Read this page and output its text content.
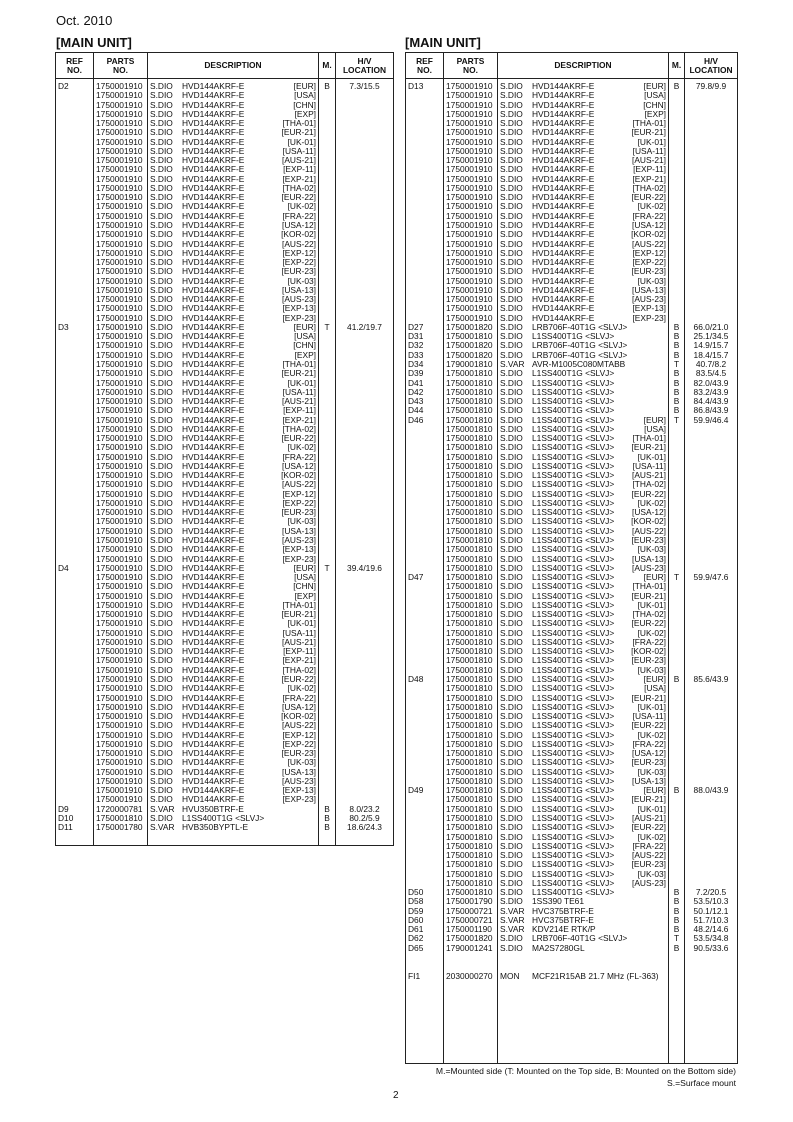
Oct. 2010
[MAIN UNIT]	[MAIN UNIT]
REF
NO.	PARTS
NO.	DESCRIPTION	M.	H/V
LOCATION
D2	1750001910	S.DIO HVD144AKRF-E [EUR]	B	7.3/15.5
	1750001910	S.DIO HVD144AKRF-E [USA]		

	1750001910	S.DIO HVD144AKRF-E [CHN]		

	1750001910	S.DIO HVD144AKRF-E [EXP]		

	1750001910	S.DIO HVD144AKRF-E [THA-01]		

	1750001910	S.DIO HVD144AKRF-E [EUR-21]		

	1750001910	S.DIO HVD144AKRF-E [UK-01]		

	1750001910	S.DIO HVD144AKRF-E [USA-11]		

	1750001910	S.DIO HVD144AKRF-E [AUS-21]		

	1750001910	S.DIO HVD144AKRF-E [EXP-11]		

	1750001910	S.DIO HVD144AKRF-E [EXP-21]		

	1750001910	S.DIO HVD144AKRF-E [THA-02]		

	1750001910	S.DIO HVD144AKRF-E [EUR-22]		

	1750001910	S.DIO HVD144AKRF-E [UK-02]		

	1750001910	S.DIO HVD144AKRF-E [FRA-22]		

	1750001910	S.DIO HVD144AKRF-E [USA-12]		

	1750001910	S.DIO HVD144AKRF-E [KOR-02]		

	1750001910	S.DIO HVD144AKRF-E [AUS-22]		

	1750001910	S.DIO HVD144AKRF-E [EXP-12]		

	1750001910	S.DIO HVD144AKRF-E [EXP-22]		

	1750001910	S.DIO HVD144AKRF-E [EUR-23]		

	1750001910	S.DIO HVD144AKRF-E [UK-03]		

	1750001910	S.DIO HVD144AKRF-E [USA-13]		

	1750001910	S.DIO HVD144AKRF-E [AUS-23]		

	1750001910	S.DIO HVD144AKRF-E [EXP-13]		

	1750001910	S.DIO HVD144AKRF-E [EXP-23]		

D3	1750001910	S.DIO HVD144AKRF-E [EUR]	T	41.2/19.7
	1750001910	S.DIO HVD144AKRF-E [USA]		

	1750001910	S.DIO HVD144AKRF-E [CHN]		

	1750001910	S.DIO HVD144AKRF-E [EXP]		

	1750001910	S.DIO HVD144AKRF-E [THA-01]		

	1750001910	S.DIO HVD144AKRF-E [EUR-21]		

	1750001910	S.DIO HVD144AKRF-E [UK-01]		

	1750001910	S.DIO HVD144AKRF-E [USA-11]		

	1750001910	S.DIO HVD144AKRF-E [AUS-21]		

	1750001910	S.DIO HVD144AKRF-E [EXP-11]		

	1750001910	S.DIO HVD144AKRF-E [EXP-21]		

	1750001910	S.DIO HVD144AKRF-E [THA-02]		

	1750001910	S.DIO HVD144AKRF-E [EUR-22]		

	1750001910	S.DIO HVD144AKRF-E [UK-02]		

	1750001910	S.DIO HVD144AKRF-E [FRA-22]		

	1750001910	S.DIO HVD144AKRF-E [USA-12]		

	1750001910	S.DIO HVD144AKRF-E [KOR-02]		

	1750001910	S.DIO HVD144AKRF-E [AUS-22]		

	1750001910	S.DIO HVD144AKRF-E [EXP-12]		

	1750001910	S.DIO HVD144AKRF-E [EXP-22]		

	1750001910	S.DIO HVD144AKRF-E [EUR-23]		

	1750001910	S.DIO HVD144AKRF-E [UK-03]		

	1750001910	S.DIO HVD144AKRF-E [USA-13]		

	1750001910	S.DIO HVD144AKRF-E [AUS-23]		

	1750001910	S.DIO HVD144AKRF-E [EXP-13]		

	1750001910	S.DIO HVD144AKRF-E [EXP-23]		

D4	1750001910	S.DIO HVD144AKRF-E [EUR]	T	39.4/19.6
	1750001910	S.DIO HVD144AKRF-E [USA]		

	1750001910	S.DIO HVD144AKRF-E [CHN]		

	1750001910	S.DIO HVD144AKRF-E [EXP]		

	1750001910	S.DIO HVD144AKRF-E [THA-01]		

	1750001910	S.DIO HVD144AKRF-E [EUR-21]		

	1750001910	S.DIO HVD144AKRF-E [UK-01]		

	1750001910	S.DIO HVD144AKRF-E [USA-11]		

	1750001910	S.DIO HVD144AKRF-E [AUS-21]		

	1750001910	S.DIO HVD144AKRF-E [EXP-11]		

	1750001910	S.DIO HVD144AKRF-E [EXP-21]		

	1750001910	S.DIO HVD144AKRF-E [THA-02]		

	1750001910	S.DIO HVD144AKRF-E [EUR-22]		

	1750001910	S.DIO HVD144AKRF-E [UK-02]		

	1750001910	S.DIO HVD144AKRF-E [FRA-22]		

	1750001910	S.DIO HVD144AKRF-E [USA-12]		

	1750001910	S.DIO HVD144AKRF-E [KOR-02]		

	1750001910	S.DIO HVD144AKRF-E [AUS-22]		

	1750001910	S.DIO HVD144AKRF-E [EXP-12]		

	1750001910	S.DIO HVD144AKRF-E [EXP-22]		

	1750001910	S.DIO HVD144AKRF-E [EUR-23]		

	1750001910	S.DIO HVD144AKRF-E [UK-03]		

	1750001910	S.DIO HVD144AKRF-E [USA-13]		

	1750001910	S.DIO HVD144AKRF-E [AUS-23]		

	1750001910	S.DIO HVD144AKRF-E [EXP-13]		

	1750001910	S.DIO HVD144AKRF-E [EXP-23]		

D9	1720000781	S.VAR HVU350BTRF-E	B	8.0/23.2
D10	1750001810	S.DIO L1SS400T1G <SLVJ>	B	80.2/5.9
D11	1750001780	S.VAR HVB350BYPTL-E	B	18.6/24.3

REF
NO.	PARTS
NO.	DESCRIPTION	M.	H/V
LOCATION
D13	1750001910	S.DIO HVD144AKRF-E [EUR]	B	79.8/9.9
	1750001910	S.DIO HVD144AKRF-E [USA]		

	1750001910	S.DIO HVD144AKRF-E [CHN]		

	1750001910	S.DIO HVD144AKRF-E [EXP]		

	1750001910	S.DIO HVD144AKRF-E [THA-01]		

	1750001910	S.DIO HVD144AKRF-E [EUR-21]		

	1750001910	S.DIO HVD144AKRF-E [UK-01]		

	1750001910	S.DIO HVD144AKRF-E [USA-11]		

	1750001910	S.DIO HVD144AKRF-E [AUS-21]		

	1750001910	S.DIO HVD144AKRF-E [EXP-11]		

	1750001910	S.DIO HVD144AKRF-E [EXP-21]		

	1750001910	S.DIO HVD144AKRF-E [THA-02]		

	1750001910	S.DIO HVD144AKRF-E [EUR-22]		

	1750001910	S.DIO HVD144AKRF-E [UK-02]		

	1750001910	S.DIO HVD144AKRF-E [FRA-22]		

	1750001910	S.DIO HVD144AKRF-E [USA-12]		

	1750001910	S.DIO HVD144AKRF-E [KOR-02]		

	1750001910	S.DIO HVD144AKRF-E [AUS-22]		

	1750001910	S.DIO HVD144AKRF-E [EXP-12]		

	1750001910	S.DIO HVD144AKRF-E [EXP-22]		

	1750001910	S.DIO HVD144AKRF-E [EUR-23]		

	1750001910	S.DIO HVD144AKRF-E [UK-03]		

	1750001910	S.DIO HVD144AKRF-E [USA-13]		

	1750001910	S.DIO HVD144AKRF-E [AUS-23]		

	1750001910	S.DIO HVD144AKRF-E [EXP-13]		

	1750001910	S.DIO HVD144AKRF-E [EXP-23]		

D27	1750001820	S.DIO LRB706F-40T1G <SLVJ>	B	66.0/21.0
D31	1750001810	S.DIO L1SS400T1G <SLVJ>	B	25.1/34.5
D32	1750001820	S.DIO LRB706F-40T1G <SLVJ>	B	14.9/15.7
D33	1750001820	S.DIO LRB706F-40T1G <SLVJ>	B	18.4/15.7
D34	1790001810	S.VAR AVR-M1005C080MTABB	T	40.7/8.2
D39	1750001810	S.DIO L1SS400T1G <SLVJ>	B	83.5/4.5
D41	1750001810	S.DIO L1SS400T1G <SLVJ>	B	82.0/43.9
D42	1750001810	S.DIO L1SS400T1G <SLVJ>	B	83.2/43.9
D43	1750001810	S.DIO L1SS400T1G <SLVJ>	B	84.4/43.9
D44	1750001810	S.DIO L1SS400T1G <SLVJ>	B	86.8/43.9
D46	1750001810	S.DIO L1SS400T1G <SLVJ> [EUR]	T	59.9/46.4
	1750001810	S.DIO L1SS400T1G <SLVJ> [USA]		

	1750001810	S.DIO L1SS400T1G <SLVJ> [THA-01]		

	1750001810	S.DIO L1SS400T1G <SLVJ> [EUR-21]		

	1750001810	S.DIO L1SS400T1G <SLVJ> [UK-01]		

	1750001810	S.DIO L1SS400T1G <SLVJ> [USA-11]		

	1750001810	S.DIO L1SS400T1G <SLVJ> [AUS-21]		

	1750001810	S.DIO L1SS400T1G <SLVJ> [THA-02]		

	1750001810	S.DIO L1SS400T1G <SLVJ> [EUR-22]		

	1750001810	S.DIO L1SS400T1G <SLVJ> [UK-02]		

	1750001810	S.DIO L1SS400T1G <SLVJ> [USA-12]		

	1750001810	S.DIO L1SS400T1G <SLVJ> [KOR-02]		

	1750001810	S.DIO L1SS400T1G <SLVJ> [AUS-22]		

	1750001810	S.DIO L1SS400T1G <SLVJ> [EUR-23]		

	1750001810	S.DIO L1SS400T1G <SLVJ> [UK-03]		

	1750001810	S.DIO L1SS400T1G <SLVJ> [USA-13]		

	1750001810	S.DIO L1SS400T1G <SLVJ> [AUS-23]		

D47	1750001810	S.DIO L1SS400T1G <SLVJ> [EUR]	T	59.9/47.6
	1750001810	S.DIO L1SS400T1G <SLVJ> [THA-01]		

	1750001810	S.DIO L1SS400T1G <SLVJ> [EUR-21]		

	1750001810	S.DIO L1SS400T1G <SLVJ> [UK-01]		

	1750001810	S.DIO L1SS400T1G <SLVJ> [THA-02]		

	1750001810	S.DIO L1SS400T1G <SLVJ> [EUR-22]		

	1750001810	S.DIO L1SS400T1G <SLVJ> [UK-02]		

	1750001810	S.DIO L1SS400T1G <SLVJ> [FRA-22]		

	1750001810	S.DIO L1SS400T1G <SLVJ> [KOR-02]		

	1750001810	S.DIO L1SS400T1G <SLVJ> [EUR-23]		

	1750001810	S.DIO L1SS400T1G <SLVJ> [UK-03]		

D48	1750001810	S.DIO L1SS400T1G <SLVJ> [EUR]	B	85.6/43.9
	1750001810	S.DIO L1SS400T1G <SLVJ> [USA]		

	1750001810	S.DIO L1SS400T1G <SLVJ> [EUR-21]		

	1750001810	S.DIO L1SS400T1G <SLVJ> [UK-01]		

	1750001810	S.DIO L1SS400T1G <SLVJ> [USA-11]		

	1750001810	S.DIO L1SS400T1G <SLVJ> [EUR-22]		

	1750001810	S.DIO L1SS400T1G <SLVJ> [UK-02]		

	1750001810	S.DIO L1SS400T1G <SLVJ> [FRA-22]		

	1750001810	S.DIO L1SS400T1G <SLVJ> [USA-12]		

	1750001810	S.DIO L1SS400T1G <SLVJ> [EUR-23]		

	1750001810	S.DIO L1SS400T1G <SLVJ> [UK-03]		

	1750001810	S.DIO L1SS400T1G <SLVJ> [USA-13]		

D49	1750001810	S.DIO L1SS400T1G <SLVJ> [EUR]	B	88.0/43.9
	1750001810	S.DIO L1SS400T1G <SLVJ> [EUR-21]		

	1750001810	S.DIO L1SS400T1G <SLVJ> [UK-01]		

	1750001810	S.DIO L1SS400T1G <SLVJ> [AUS-21]		

	1750001810	S.DIO L1SS400T1G <SLVJ> [EUR-22]		

	1750001810	S.DIO L1SS400T1G <SLVJ> [UK-02]		

	1750001810	S.DIO L1SS400T1G <SLVJ> [FRA-22]		

	1750001810	S.DIO L1SS400T1G <SLVJ> [AUS-22]		

	1750001810	S.DIO L1SS400T1G <SLVJ> [EUR-23]		

	1750001810	S.DIO L1SS400T1G <SLVJ> [UK-03]		

	1750001810	S.DIO L1SS400T1G <SLVJ> [AUS-23]		

D50	1750001810	S.DIO L1SS400T1G <SLVJ>	B	7.2/20.5
D58	1750001790	S.DIO 1SS390 TE61	B	53.5/10.3
D59	1750000721	S.VAR HVC375BTRF-E	B	50.1/12.1
D60	1750000721	S.VAR HVC375BTRF-E	B	51.7/10.3
D61	1750001190	S.VAR KDV214E RTK/P	B	48.2/14.6
D62	1750001820	S.DIO LRB706F-40T1G <SLVJ>	T	53.5/34.8
D65	1790001241	S.DIO MA2S7280GL	B	90.5/33.6

FI1	2030000270	MON MCF21R15AB 21.7 MHz (FL-363)		

M.=Mounted side (T: Mounted on the Top side, B: Mounted on the Bottom side)
S.=Surface mount
2
